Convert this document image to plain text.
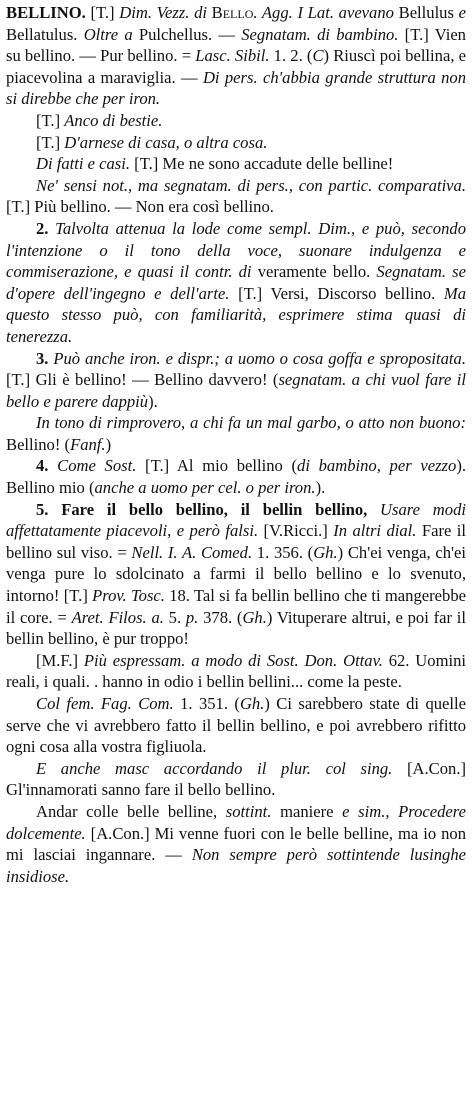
BELLINO. [T.] Dim. Vezz. di Bello. Agg. I Lat. avevano Bellulus e Bellatulus. Oltre a Pulchellus. — Segnatam. di bambino. [T.] Vien su bellino. — Pur bellino. = Lasc. Sibil. 1. 2. (C) Riuscì poi bellina, e piacevolina a maraviglia. — Di pers. ch'abbia grande struttura non si direbbe che per iron.

[T.] Anco di bestie.

[T.] D'arnese di casa, o altra cosa.

Di fatti e casi. [T.] Me ne sono accadute delle belline!

Ne' sensi not., ma segnatam. di pers., con partic. comparativa. [T.] Più bellino. — Non era così bellino.

2. Talvolta attenua la lode come sempl. Dim., e può, secondo l'intenzione o il tono della voce, suonare indulgenza e commiserazione, e quasi il contr. di veramente bello. Segnatam. se d'opere dell'ingegno e dell'arte. [T.] Versi, Discorso bellino. Ma questo stesso può, con familiarità, esprimere stima quasi di tenerezza.

3. Può anche iron. e dispr.; a uomo o cosa goffa e spropositata. [T.] Gli è bellino! — Bellino davvero! (segnatam. a chi vuol fare il bello e parere dappiù).

In tono di rimprovero, a chi fa un mal garbo, o atto non buono: Bellino! (Fanf.)

4. Come Sost. [T.] Al mio bellino (di bambino, per vezzo). Bellino mio (anche a uomo per cel. o per iron.).

5. Fare il bello bellino, il bellin bellino, Usare modi affettatamente piacevoli, e però falsi. [V.Ricci.] In altri dial. Fare il bellino sul viso. = Nell. I. A. Comed. 1. 356. (Gh.) Ch'ei venga, ch'ei venga pure lo sdolcinato a farmi il bello bellino e lo svenuto, intorno! [T.] Prov. Tosc. 18. Tal si fa bellin bellino che ti mangerebbe il core. = Aret. Filos. a. 5. p. 378. (Gh.) Vituperare altrui, e poi far il bellin bellino, è pur troppo!

[M.F.] Più espressam. a modo di Sost. Don. Ottav. 62. Uomini reali, i quali. . hanno in odio i bellin bellini... come la peste.

Col fem. Fag. Com. 1. 351. (Gh.) Ci sarebbero state di quelle serve che vi avrebbero fatto il bellin bellino, e poi avrebbero rifitto ogni cosa alla vostra figliuola.

E anche masc accordando il plur. col sing. [A.Con.] Gl'innamorati sanno fare il bello bellino.

Andar colle belle belline, sottint. maniere e sim., Procedere dolcemente. [A.Con.] Mi venne fuori con le belle belline, ma io non mi lasciai ingannare. — Non sempre però sottintende lusinghe insidiose.
